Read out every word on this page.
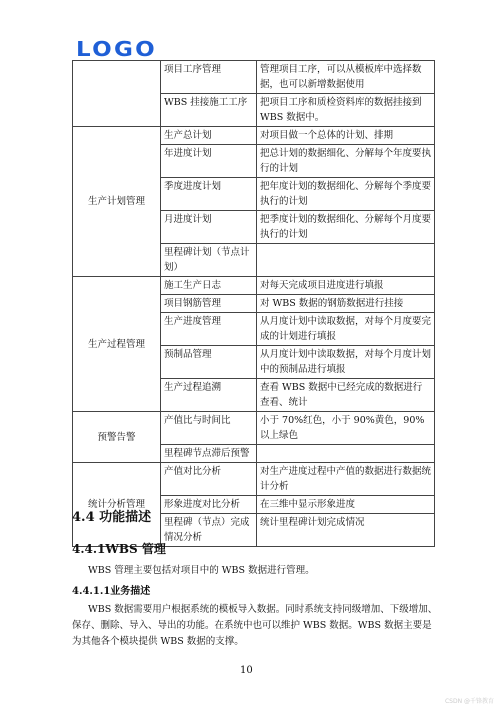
LOGO
	项目工序管理	管理项目工序，可以从模板库中选择数据，也可以新增数据使用
	WBS 挂接施工工序	把项目工序和质检资料库的数据挂接到 WBS 数据中。
生产计划管理	生产总计划	对项目做一个总体的计划、排期
	年进度计划	把总计划的数据细化、分解每个年度要执行的计划
	季度进度计划	把年度计划的数据细化、分解每个季度要执行的计划
	月进度计划	把季度计划的数据细化、分解每个月度要执行的计划
	里程碑计划（节点计划）	
生产过程管理	施工生产日志	对每天完成项目进度进行填报
	项目钢筋管理	对 WBS 数据的钢筋数据进行挂接
	生产进度管理	从月度计划中读取数据，对每个月度要完成的计划进行填报
	预制品管理	从月度计划中读取数据，对每个月度计划中的预制品进行填报
	生产过程追溯	查看 WBS 数据中已经完成的数据进行查看、统计
预警告警	产值比与时间比	小于 70%红色，小于 90%黄色，90%以上绿色
	里程碑节点滞后预警	
统计分析管理	产值对比分析	对生产进度过程中产值的数据进行数据统计分析
	形象进度对比分析	在三维中显示形象进度
	里程碑（节点）完成情况分析	统计里程碑计划完成情况
4.4 功能描述
4.4.1WBS 管理
WBS 管理主要包括对项目中的 WBS 数据进行管理。
4.4.1.1业务描述
WBS 数据需要用户根据系统的模板导入数据。同时系统支持同级增加、下级增加、保存、删除、导入、导出的功能。在系统中也可以维护 WBS 数据。WBS 数据主要是为其他各个模块提供 WBS 数据的支撑。
10
CSDN @千锋教育
